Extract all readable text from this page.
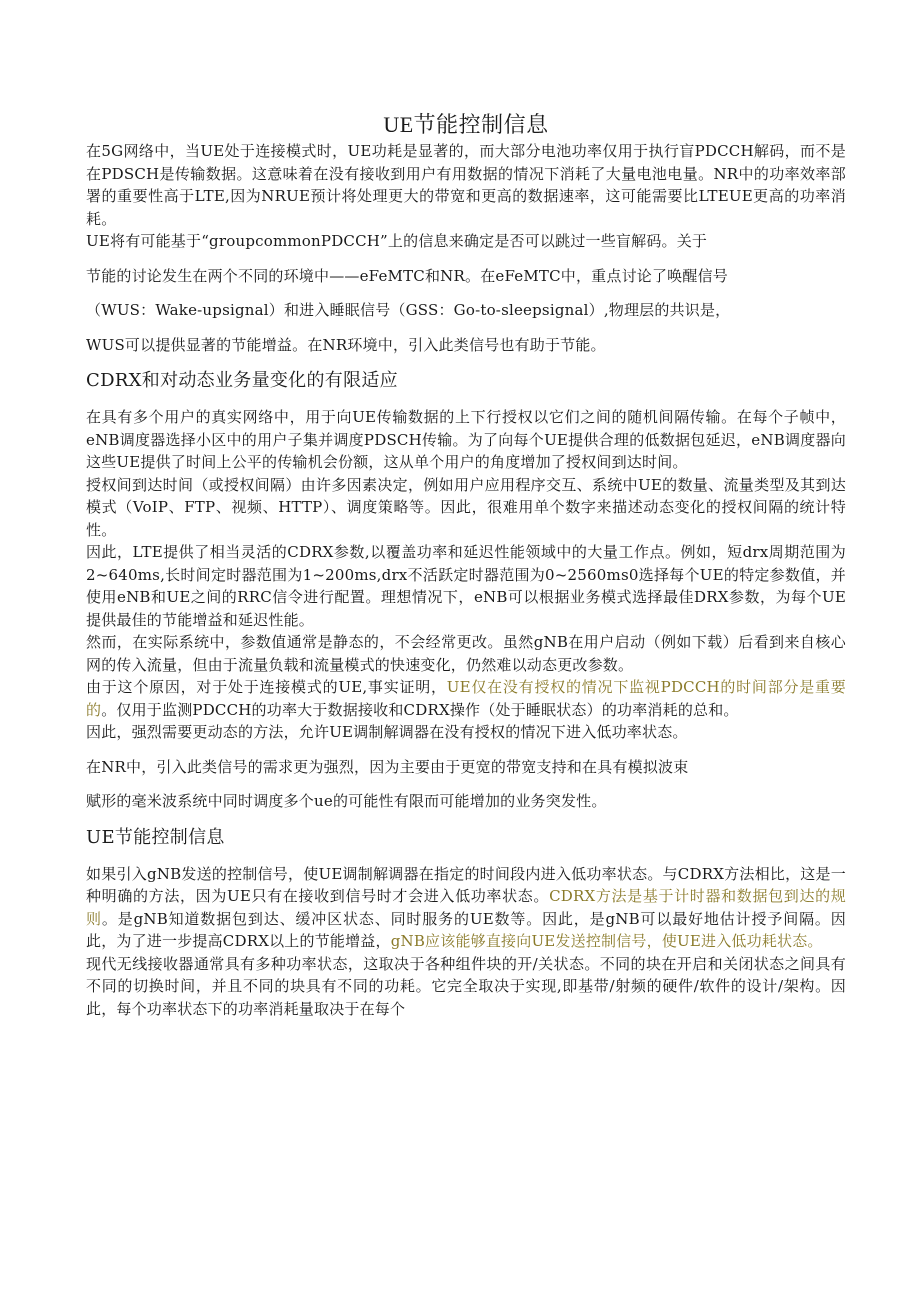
UE节能控制信息

在5G网络中，当UE处于连接模式时，UE功耗是显著的，而大部分电池功率仅用于执行盲PDCCH解码，而不是在PDSCH是传输数据。这意味着在没有接收到用户有用数据的情况下消耗了大量电池电量。NR中的功率效率部署的重要性高于LTE,因为NRUE预计将处理更大的带宽和更高的数据速率，这可能需要比LTEUE更高的功率消耗。

UE将有可能基于“groupcommonPDCCH”上的信息来确定是否可以跳过一些盲解码。关于

节能的讨论发生在两个不同的环境中——eFeMTC和NR。在eFeMTC中，重点讨论了唤醒信号

（WUS：Wake-upsignal）和进入睡眠信号（GSS：Go-to-sleepsignal）,物理层的共识是，

WUS可以提供显著的节能增益。在NR环境中，引入此类信号也有助于节能。

CDRX和对动态业务量变化的有限适应

在具有多个用户的真实网络中，用于向UE传输数据的上下行授权以它们之间的随机间隔传输。在每个子帧中，eNB调度器选择小区中的用户子集并调度PDSCH传输。为了向每个UE提供合理的低数据包延迟，eNB调度器向这些UE提供了时间上公平的传输机会份额，这从单个用户的角度增加了授权间到达时间。

授权间到达时间（或授权间隔）由许多因素决定，例如用户应用程序交互、系统中UE的数量、流量类型及其到达模式（VoIP、FTP、视频、HTTP）、调度策略等。因此，很难用单个数字来描述动态变化的授权间隔的统计特性。

因此，LTE提供了相当灵活的CDRX参数,以覆盖功率和延迟性能领域中的大量工作点。例如，短drx周期范围为2~640ms,长时间定时器范围为1~200ms,drx不活跃定时器范围为0~2560ms0选择每个UE的特定参数值，并使用eNB和UE之间的RRC信令进行配置。理想情况下，eNB可以根据业务模式选择最佳DRX参数，为每个UE提供最佳的节能增益和延迟性能。

然而，在实际系统中，参数值通常是静态的，不会经常更改。虽然gNB在用户启动（例如下载）后看到来自核心网的传入流量，但由于流量负载和流量模式的快速变化，仍然难以动态更改参数。

由于这个原因，对于处于连接模式的UE,事实证明，UE仅在没有授权的情况下监视PDCCH的时间部分是重要的。仅用于监测PDCCH的功率大于数据接收和CDRX操作（处于睡眠状态）的功率消耗的总和。

因此，强烈需要更动态的方法，允许UE调制解调器在没有授权的情况下进入低功率状态。

在NR中，引入此类信号的需求更为强烈，因为主要由于更宽的带宽支持和在具有模拟波束

赋形的毫米波系统中同时调度多个ue的可能性有限而可能增加的业务突发性。

UE节能控制信息

如果引入gNB发送的控制信号，使UE调制解调器在指定的时间段内进入低功率状态。与CDRX方法相比，这是一种明确的方法，因为UE只有在接收到信号时才会进入低功率状态。CDRX方法是基于计时器和数据包到达的规则。是gNB知道数据包到达、缓冲区状态、同时服务的UE数等。因此，是gNB可以最好地估计授予间隔。因此，为了进一步提高CDRX以上的节能增益，gNB应该能够直接向UE发送控制信号，使UE进入低功耗状态。

现代无线接收器通常具有多种功率状态，这取决于各种组件块的开/关状态。不同的块在开启和关闭状态之间具有不同的切换时间，并且不同的块具有不同的功耗。它完全取决于实现,即基带/射频的硬件/软件的设计/架构。因此，每个功率状态下的功率消耗量取决于在每个
